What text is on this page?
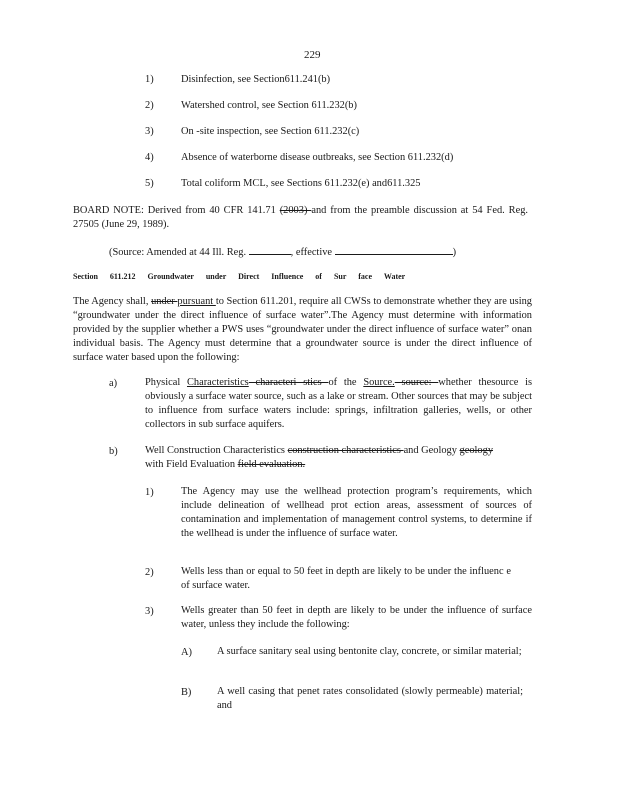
229
1)	Disinfection, see Section611.241(b)
2)	Watershed control, see Section 611.232(b)
3)	On -site inspection, see Section 611.232(c)
4)	Absence of waterborne disease outbreaks, see Section 611.232(d)
5)	Total coliform MCL, see Sections 611.232(e) and611.325
BOARD NOTE: Derived from 40 CFR 141.71 (2003) and from the preamble discussion at 54 Fed. Reg. 27505 (June 29, 1989).
(Source: Amended at 44 Ill. Reg.	, effective	)
Section 611.212 Groundwater under Direct Influence of Sur face Water
The Agency shall, under pursuant to Section 611.201, require all CWSs to demonstrate whether they are using “groundwater under the direct influence of surface water”.The Agency must determine with information provided by the supplier whether a PWS uses “groundwater under the direct influence of surface water” onan individual basis. The Agency must determine that a groundwater source is under the direct influence of surface water based upon the following:
a)	Physical Characteristics characteri stics of the Source. source: whether thesource is obviously a surface water source, such as a lake or stream. Other sources that may be subject to influence from surface waters include: springs, infiltration galleries, wells, or other collectors in sub surface aquifers.
b)	Well Construction Characteristics construction characteristics and Geology geology with Field Evaluation field evaluation.
1)	The Agency may use the wellhead protection program’s requirements, which include delineation of wellhead prot ection areas, assessment of sources of contamination and implementation of management control systems, to determine if the wellhead is under the influence of surface water.
2)	Wells less than or equal to 50 feet in depth are likely to be under the influenc e of surface water.
3)	Wells greater than 50 feet in depth are likely to be under the influence of surface water, unless they include the following:
A) A surface sanitary seal using bentonite clay, concrete, or similar material;
B) A well casing that penet rates consolidated (slowly permeable) material; and
